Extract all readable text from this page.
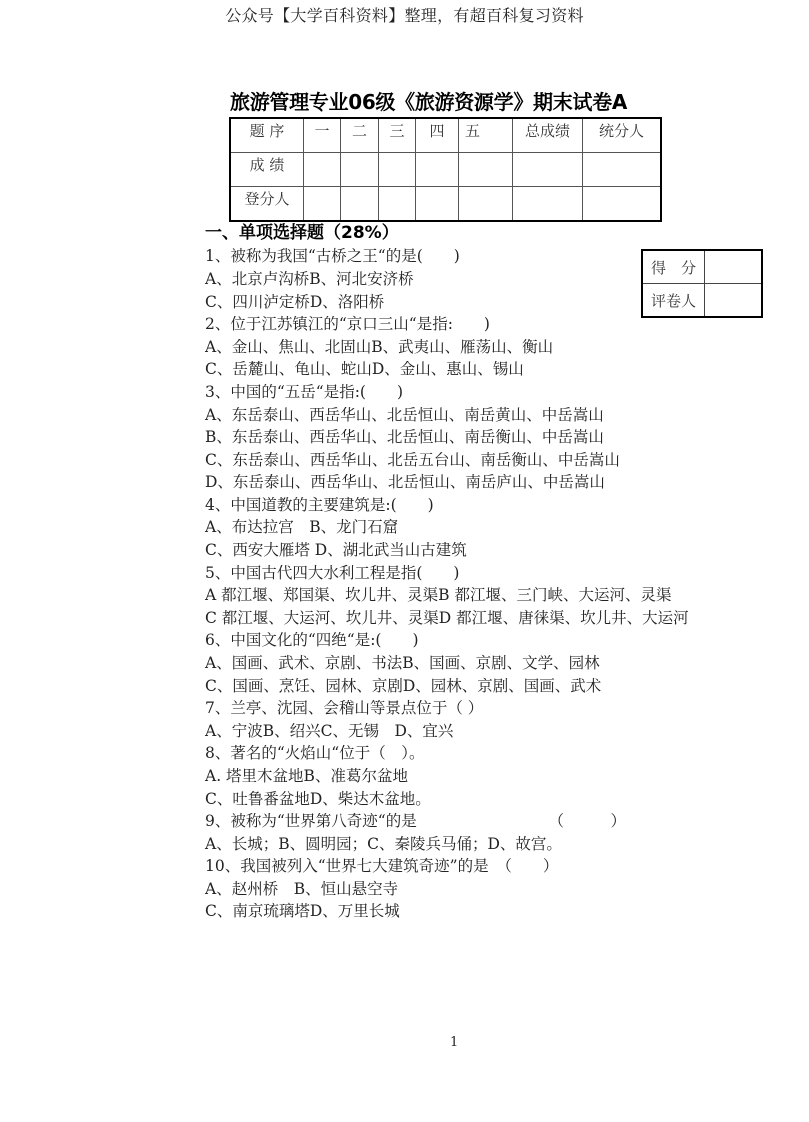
公众号【大学百科资料】整理，有超百科复习资料
旅游管理专业06级《旅游资源学》期末试卷A
题 序	一	二	三	四	五	总成绩	统分人
成 绩							
登分人							
一、单项选择题（28%）
得　分	
评卷人	
1、被称为我国“古桥之王“的是(　　)
A、北京卢沟桥B、河北安济桥
C、四川泸定桥D、洛阳桥
2、位于江苏镇江的“京口三山“是指:　　)
A、金山、焦山、北固山B、武夷山、雁荡山、衡山
C、岳麓山、龟山、蛇山D、金山、惠山、锡山
3、中国的“五岳“是指:(　　)
A、东岳泰山、西岳华山、北岳恒山、南岳黄山、中岳嵩山
B、东岳泰山、西岳华山、北岳恒山、南岳衡山、中岳嵩山
C、东岳泰山、西岳华山、北岳五台山、南岳衡山、中岳嵩山
D、东岳泰山、西岳华山、北岳恒山、南岳庐山、中岳嵩山
4、中国道教的主要建筑是:(　　)
A、布达拉宫　B、龙门石窟
C、西安大雁塔 D、湖北武当山古建筑
5、中国古代四大水利工程是指(　　)
A 都江堰、郑国渠、坎儿井、灵渠B 都江堰、三门峡、大运河、灵渠
C 都江堰、大运河、坎儿井、灵渠D 都江堰、唐徕渠、坎儿井、大运河
6、中国文化的“四绝“是:(　　)
A、国画、武术、京剧、书法B、国画、京剧、文学、园林
C、国画、烹饪、园林、京剧D、园林、京剧、国画、武术
7、兰亭、沈园、会稽山等景点位于（ ）
A、宁波B、绍兴C、无锡　D、宜兴
8、著名的“火焰山“位于（　）。
A. 塔里木盆地B、准葛尔盆地
C、吐鲁番盆地D、柴达木盆地。
9、被称为“世界第八奇迹“的是　　　　　　　　　（　　　）
A、长城；B、圆明园；C、秦陵兵马俑；D、故宫。
10、我国被列入“世界七大建筑奇迹”的是　（　　）
A、赵州桥　B、恒山悬空寺
C、南京琉璃塔D、万里长城
1
